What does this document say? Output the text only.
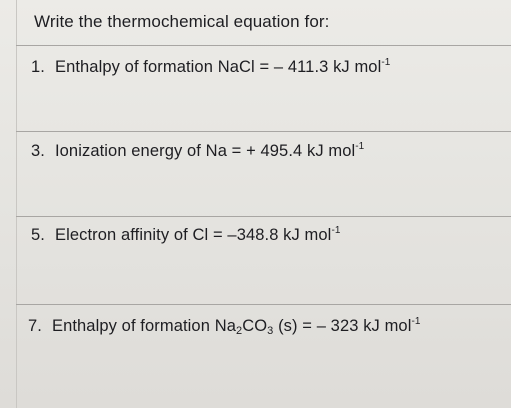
Write the thermochemical equation for:
1. Enthalpy of formation NaCl = – 411.3 kJ mol$^{-1}$
3. Ionization energy of Na = + 495.4 kJ mol$^{-1}$
5. Electron affinity of Cl = –348.8 kJ mol$^{-1}$
7. Enthalpy of formation $Na_2CO_3$ (s) = – 323 kJ mol$^{-1}$
